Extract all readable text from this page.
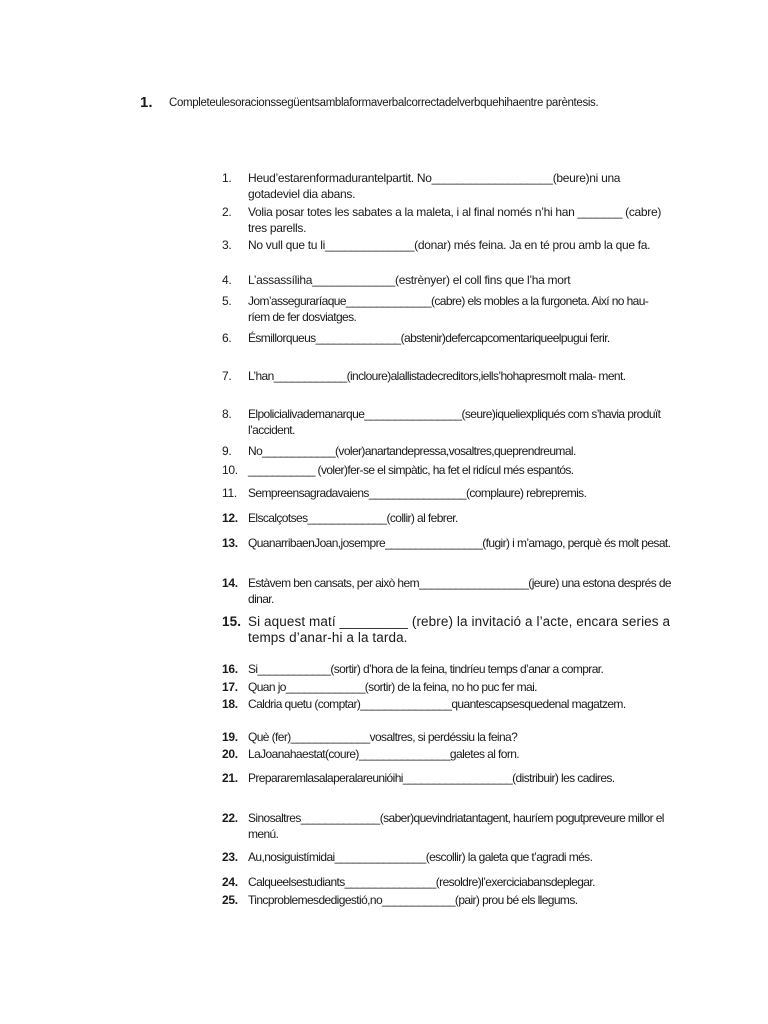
1. Completeulesoracionssegüentsamblaformaverbalcorrectadelverbquehihaentre parèntesis.
1.	Heud’estarenformadurantelpartit. No___________________(beure)ni una gotadeviel dia abans.
2.	Volia posar totes les sabates a la maleta, i al final només n’hi han _______ (cabre) tres parells.
3.	No vull que tu li______________(donar) més feina. Ja en té prou amb la que fa.
4.	L’assassíliha_____________(estrènyer) el coll fins que l’ha mort
5.	Jom’asseguraríaque______________(cabre) els mobles a la furgoneta. Així no hau- ríem de fer dosviatges.
6.	Ésmillorqueus______________(abstenir)deferсapcomentariqueelpugui ferir.
7.	L’han____________(incloure)alallistadecreditors,iells’hohapresmolt mala- ment.
8.	Elpolicialivademanarque________________(seure)iqueliexpliqués com s’havia produït l’accident.
9.	No____________(voler)anartandepressa,vosaltres,queprendreumal.
10. ___________ (voler)fer-se el simpàtic, ha fet el ridícul més espantós.
11. Sempreensagradavaiens________________(complaure) rebrepremis.
12. Elscalçotses_____________(collir) al febrer.
13. QuanarribaenJoan,josempre________________(fugir) i m’amago, perquè és molt pesat.
14. Estàvem ben cansats, per això hem__________________(jeure) una estona després de dinar.
15. Si aquest matí _________ (rebre) la invitació a l’acte, encara series a temps d’anar-hi a la tarda.
16. Si____________(sortir) d’hora de la feina, tindríeu temps d’anar a comprar.
17. Quan jo_____________(sortir) de la feina, no ho puc fer mai.
18. Caldria quetu (comptar)_______________quantescapsesquedenal magatzem.
19. Què (fer)_____________vosaltres, si perdéssiu la feina?
20. LaJoanahaestat(coure)_______________galetes al forn.
21. Prepararemlasalaperalareunióihi__________________(distribuir) les cadires.
22. Sinosaltres_____________(saber)quevindriatantagent, hauríem pogutpreveure millor el menú.
23. Au,nosiguistímidai_______________(escollir) la galeta que t’agradi més.
24. Calqueelsestudiants_______________(resoldre)l’exerciciabansdeplegar.
25. Tincproblemesdedigestió,no____________(pair) prou bé els llegums.
